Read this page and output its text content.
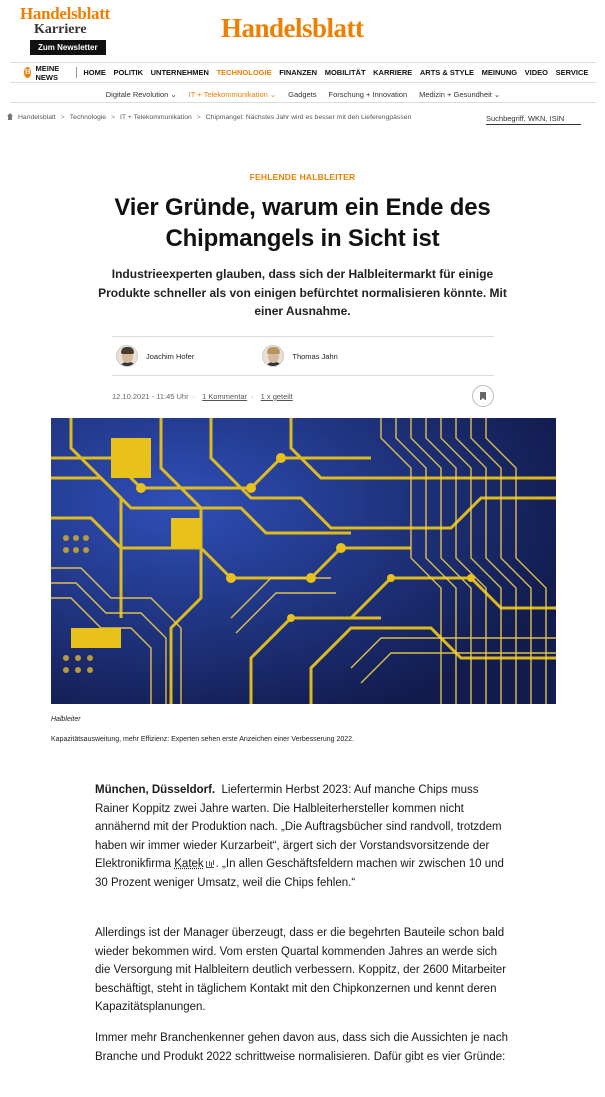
Handelsblatt
Karriere
Zum Newsletter
Handelsblatt
H MEINE NEWS	HOME POLITIK UNTERNEHMEN TECHNOLOGIE FINANZEN MOBILITÄT KARRIERE ARTS & STYLE MEINUNG VIDEO SERVICE
Digitale Revolution ⌄ IT + Telekommunikation ⌄ Gadgets Forschung + Innovation Medizin + Gesundheit ⌄
Handelsblatt > Technologie > IT + Telekommunikation > Chipmangel: Nächstes Jahr wird es besser mit den Lieferengpässen
Suchbegriff, WKN, ISIN
FEHLENDE HALBLEITER
Vier Gründe, warum ein Ende des Chipmangels in Sicht ist

Industrieexperten glauben, dass sich der Halbleitermarkt für einige Produkte schneller als von einigen befürchtet normalisieren könnte. Mit einer Ausnahme.

Joachim Hofer	Thomas Jahn
12.10.2021 - 11:45 Uhr · 1 Kommentar · 1 x geteilt
Halbleiter
Kapazitätsausweitung, mehr Effizienz: Experten sehen erste Anzeichen einer Verbesserung 2022.

München, Düsseldorf. Liefertermin Herbst 2023: Auf manche Chips muss Rainer Koppitz zwei Jahre warten. Die Halbleiterhersteller kommen nicht annähernd mit der Produktion nach. „Die Auftragsbücher sind randvoll, trotzdem haben wir immer wieder Kurzarbeit“, ärgert sich der Vorstandsvorsitzende der Elektronikfirma Katek . „In allen Geschäftsfeldern machen wir zwischen 10 und 30 Prozent weniger Umsatz, weil die Chips fehlen.“

Allerdings ist der Manager überzeugt, dass er die begehrten Bauteile schon bald wieder bekommen wird. Vom ersten Quartal kommenden Jahres an werde sich die Versorgung mit Halbleitern deutlich verbessern. Koppitz, der 2600 Mitarbeiter beschäftigt, steht in täglichem Kontakt mit den Chipkonzernen und kennt deren Kapazitätsplanungen.

Immer mehr Branchenkenner gehen davon aus, dass sich die Aussichten je nach Branche und Produkt 2022 schrittweise normalisieren. Dafür gibt es vier Gründe:
